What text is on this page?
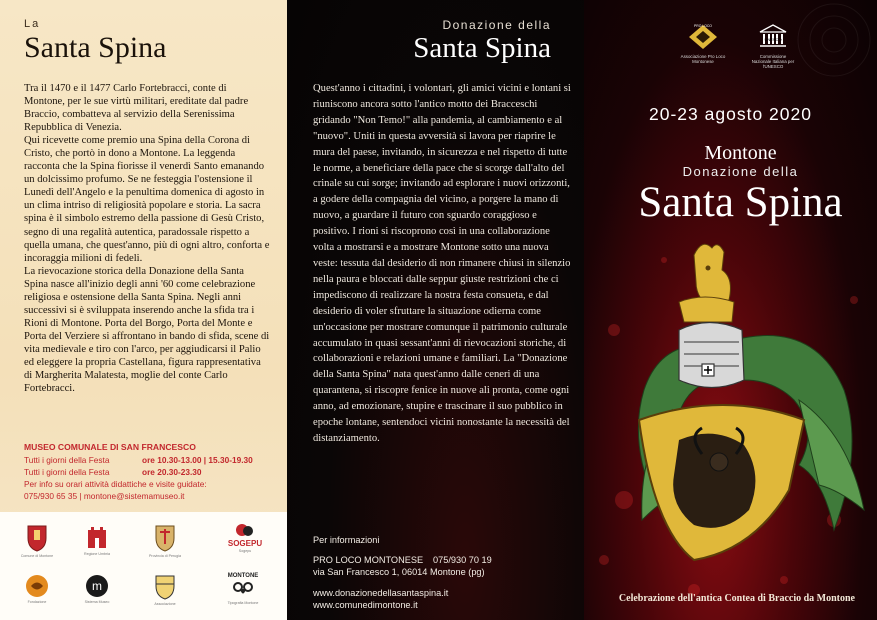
La
Santa Spina

Tra il 1470 e il 1477 Carlo Fortebracci, conte di Montone, per le sue virtù militari, ereditate dal padre Braccio, combatteva al servizio della Serenissima Repubblica di Venezia.

Qui ricevette come premio una Spina della Corona di Cristo, che portò in dono a Montone. La leggenda racconta che la Spina fiorisse il venerdì Santo emanando un dolcissimo profumo. Se ne festeggia l'ostensione il Lunedì dell'Angelo e la penultima domenica di agosto in un clima intriso di religiosità popolare e storia. La sacra spina è il simbolo estremo della passione di Gesù Cristo, segno di una regalità autentica, paradossale rispetto a quella umana, che quest'anno, più di ogni altro, conforta e incoraggia milioni di fedeli.

La rievocazione storica della Donazione della Santa Spina nasce all'inizio degli anni '60 come celebrazione religiosa e ostensione della Santa Spina. Negli anni successivi si è sviluppata inserendo anche la sfida tra i Rioni di Montone. Porta del Borgo, Porta del Monte e Porta del Verziere si affrontano in bando di sfida, scene di vita medievale e tiro con l'arco, per aggiudicarsi il Palio ed eleggere la propria Castellana, figura rappresentativa di Margherita Malatesta, moglie del conte Carlo Fortebracci.

MUSEO COMUNALE DI SAN FRANCESCO
Tutti i giorni della Festa	ore 10.30-13.00 | 15.30-19.30
Tutti i giorni della Festa	ore 20.30-23.30
Per info su orari attività didattiche e visite guidate:
075/930 65 35 | montone@sistemamuseo.it
Comune di Montone	Regione Umbria	Provincia di Perugia
SOGEPU
Sogepu
Fondazione
m
Sistema Museo	Associazione
MONTONE
Tipografia Montone
Donazione della
Santa Spina
Quest'anno i cittadini, i volontari, gli amici vicini e lontani si riuniscono ancora sotto l'antico motto dei Bracceschi gridando "Non Temo!" alla pandemia, al cambiamento e al "nuovo". Uniti in questa avversità si lavora per riaprire le mura del paese, invitando, in sicurezza e nel rispetto di tutte le norme, a beneficiare della pace che si scorge dall'alto del crinale su cui sorge; invitando ad esplorare i nuovi orizzonti, a godere della compagnia del vicino, a porgere la mano di nuovo, a guardare il futuro con sguardo coraggioso e positivo. I rioni si riscoprono così in una collaborazione volta a mostrarsi e a mostrare Montone sotto una nuova veste: tessuta dal desiderio di non rimanere chiusi in silenzio nella paura e bloccati dalle seppur giuste restrizioni che ci impediscono di realizzare la nostra festa consueta, e dal desiderio di voler sfruttare la situazione odierna come un'occasione per mostrare comunque il patrimonio culturale accumulato in quasi sessant'anni di rievocazioni storiche, di collaborazioni e relazioni umane e familiari. La "Donazione della Santa Spina" nata quest'anno dalle ceneri di una quarantena, si riscopre fenice in nuove ali pronta, come ogni anno, ad emozionare, stupire e trascinare il suo pubblico in epoche lontane, sentendoci vicini nonostante la necessità del distanziamento.
Per informazioni
PRO LOCO MONTONESE	075/930 70 19
via San Francesco 1, 06014 Montone (pg)
www.donazionedellasantaspina.it
www.comunedimontone.it
PRO LOCO
Associazione Pro Loco Montonese
UNESCO
Commissione Nazionale Italiana per l'UNESCO
20-23 agosto 2020
Montone
Donazione della
Santa Spina
Celebrazione dell'antica Contea di Braccio da Montone
